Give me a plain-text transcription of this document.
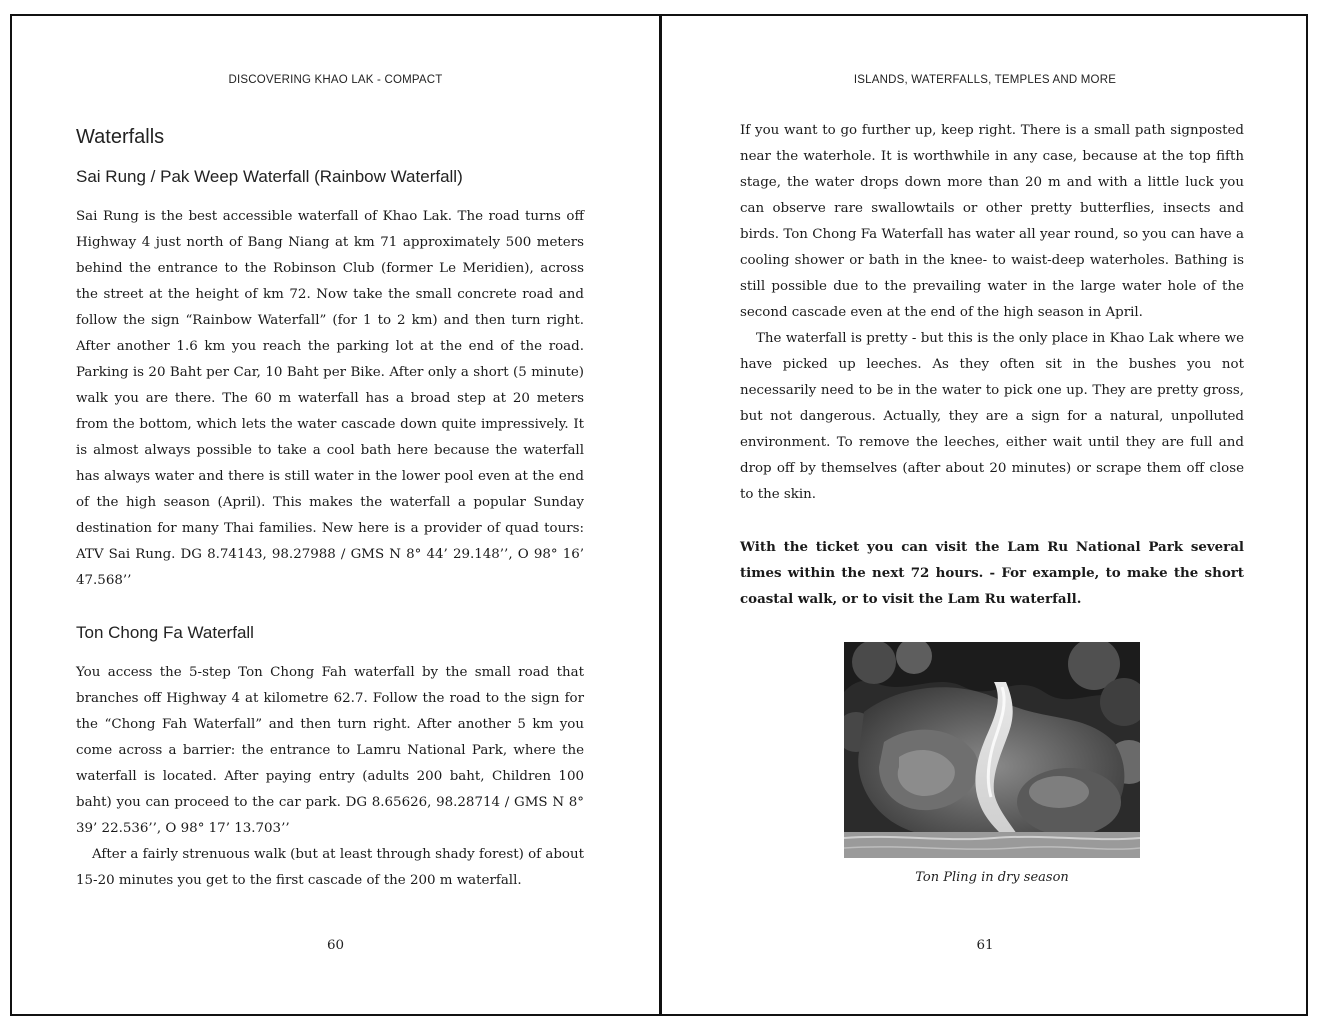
DISCOVERING KHAO LAK - COMPACT
Waterfalls
Sai Rung / Pak Weep Waterfall (Rainbow Waterfall)

Sai Rung is the best accessible waterfall of Khao Lak. The road turns off Highway 4 just north of Bang Niang at km 71 approximately 500 meters behind the entrance to the Robinson Club (former Le Meridien), across the street at the height of km 72. Now take the small concrete road and follow the sign “Rainbow Waterfall” (for 1 to 2 km) and then turn right. After another 1.6 km you reach the parking lot at the end of the road. Parking is 20 Baht per Car, 10 Baht per Bike. After only a short (5 minute) walk you are there. The 60 m waterfall has a broad step at 20 meters from the bottom, which lets the water cascade down quite impressively. It is almost always possible to take a cool bath here because the waterfall has always water and there is still water in the lower pool even at the end of the high season (April). This makes the waterfall a popular Sunday destination for many Thai families. New here is a provider of quad tours: ATV Sai Rung. DG 8.74143, 98.27988 / GMS N 8° 44’ 29.148’’, O 98° 16’ 47.568’’

Ton Chong Fa Waterfall

You access the 5-step Ton Chong Fah waterfall by the small road that branches off Highway 4 at kilometre 62.7. Follow the road to the sign for the “Chong Fah Waterfall” and then turn right. After another 5 km you come across a barrier: the entrance to Lamru National Park, where the waterfall is located. After paying entry (adults 200 baht, Children 100 baht) you can proceed to the car park. DG 8.65626, 98.28714 / GMS N 8° 39’ 22.536’’, O 98° 17’ 13.703’’

After a fairly strenuous walk (but at least through shady forest) of about 15-20 minutes you get to the first cascade of the 200 m waterfall.

60
ISLANDS, WATERFALLS, TEMPLES AND MORE

If you want to go further up, keep right. There is a small path signposted near the waterhole. It is worthwhile in any case, because at the top fifth stage, the water drops down more than 20 m and with a little luck you can observe rare swallowtails or other pretty butterflies, insects and birds. Ton Chong Fa Waterfall has water all year round, so you can have a cooling shower or bath in the knee- to waist-deep waterholes. Bathing is still possible due to the prevailing water in the large water hole of the second cascade even at the end of the high season in April.

The waterfall is pretty - but this is the only place in Khao Lak where we have picked up leeches. As they often sit in the bushes you not necessarily need to be in the water to pick one up. They are pretty gross, but not dangerous. Actually, they are a sign for a natural, unpolluted environment. To remove the leeches, either wait until they are full and drop off by themselves (after about 20 minutes) or scrape them off close to the skin.

With the ticket you can visit the Lam Ru National Park several times within the next 72 hours. - For example, to make the short coastal walk, or to visit the Lam Ru waterfall.

Ton Pling in dry season
61
